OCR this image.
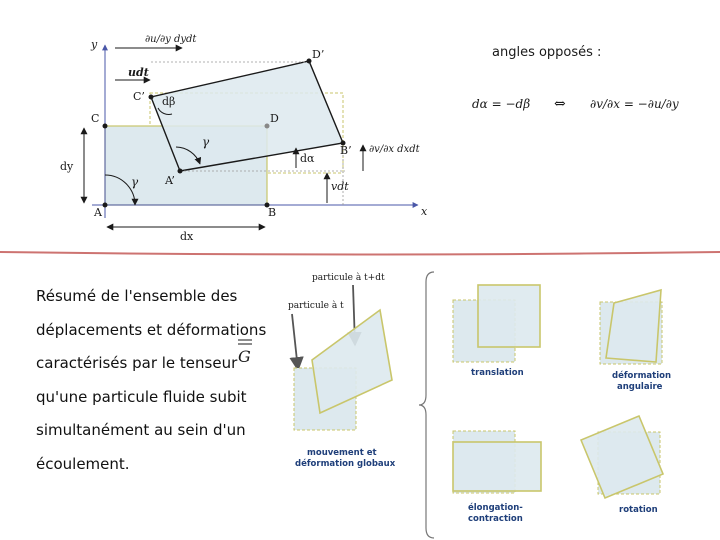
y
x
∂u/∂y dydt
udt
D’
C’ dβ
C	D
γ
γ
B’ ∂v/∂x dxdt
dα
dy
A’	vdt
A	B
dx
angles opposés :
dα = −dβ ⇔ ∂v/∂x = −∂u/∂y
G
particule à t+dt
particule à t
mouvement et
déformation globaux
translation	déformation
angulaire
élongation-
contraction
rotation
Résumé de l'ensemble des
déplacements et déformations
caractérisés par le tenseur
qu'une particule fluide subit
simultanément au sein d'un
écoulement.
